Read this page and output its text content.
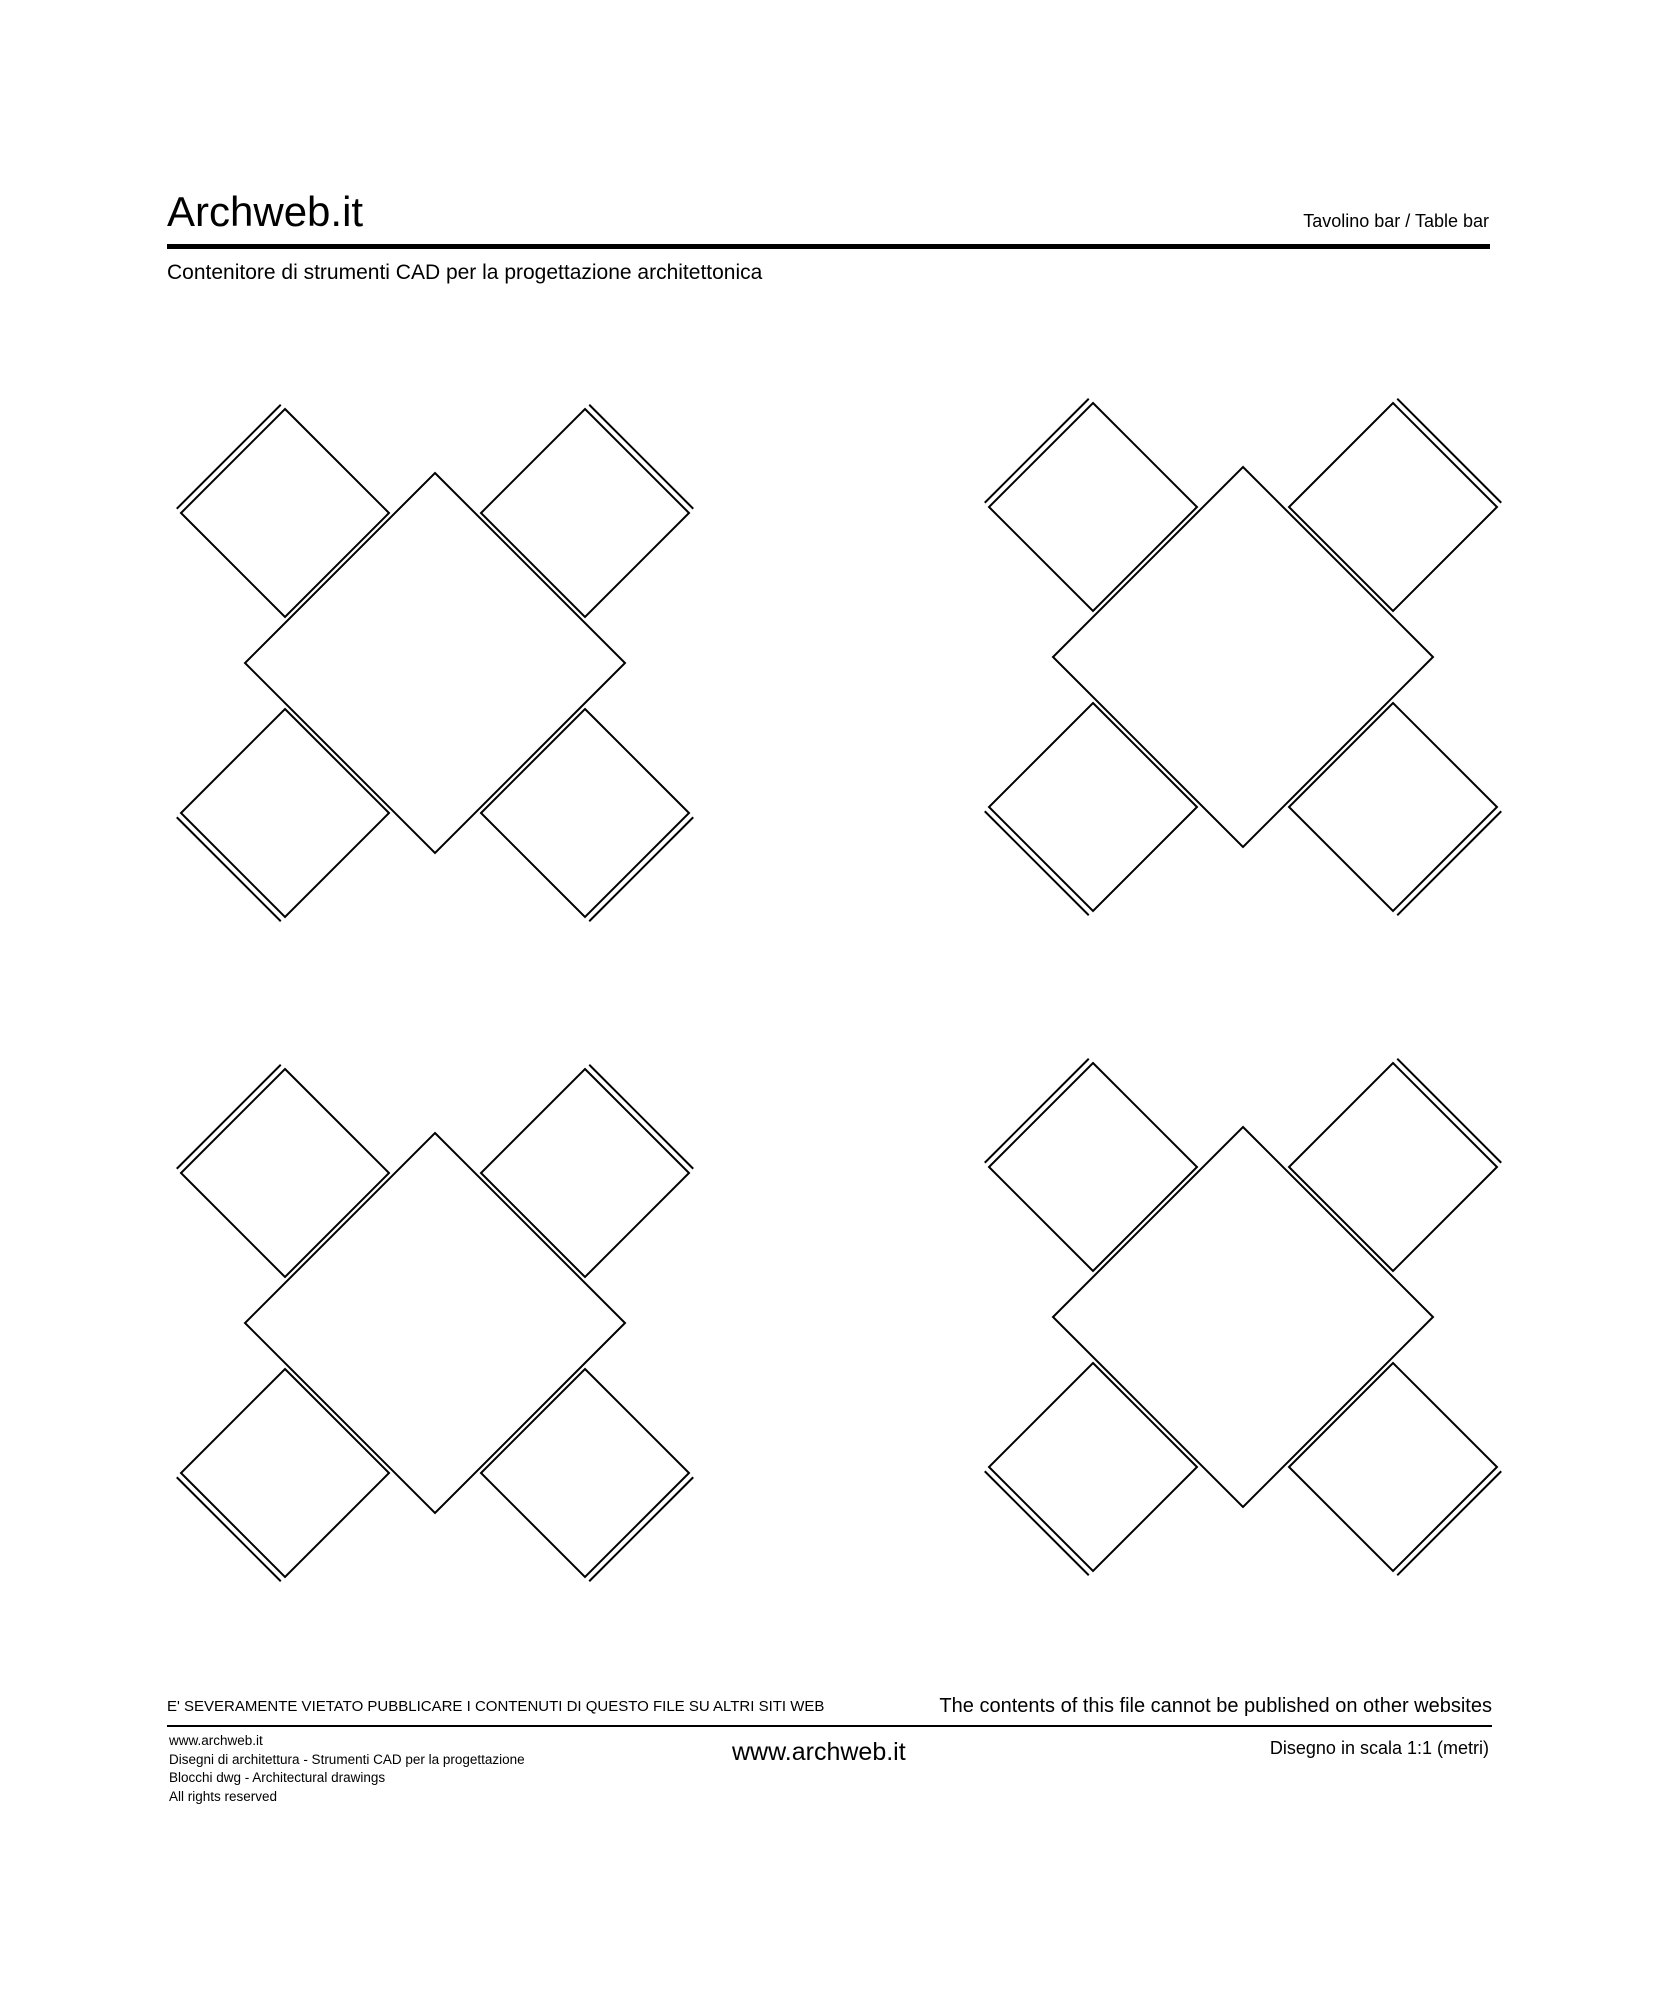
Archweb.it	Tavolino bar / Table bar
Contenitore di strumenti CAD per la progettazione architettonica
E' SEVERAMENTE VIETATO PUBBLICARE I CONTENUTI DI QUESTO FILE SU ALTRI SITI WEB	The contents of this file cannot be published on other websites
www.archweb.it
Disegni di architettura - Strumenti CAD per la progettazione
Blocchi dwg - Architectural drawings
All rights reserved
www.archweb.it	Disegno in scala 1:1 (metri)
